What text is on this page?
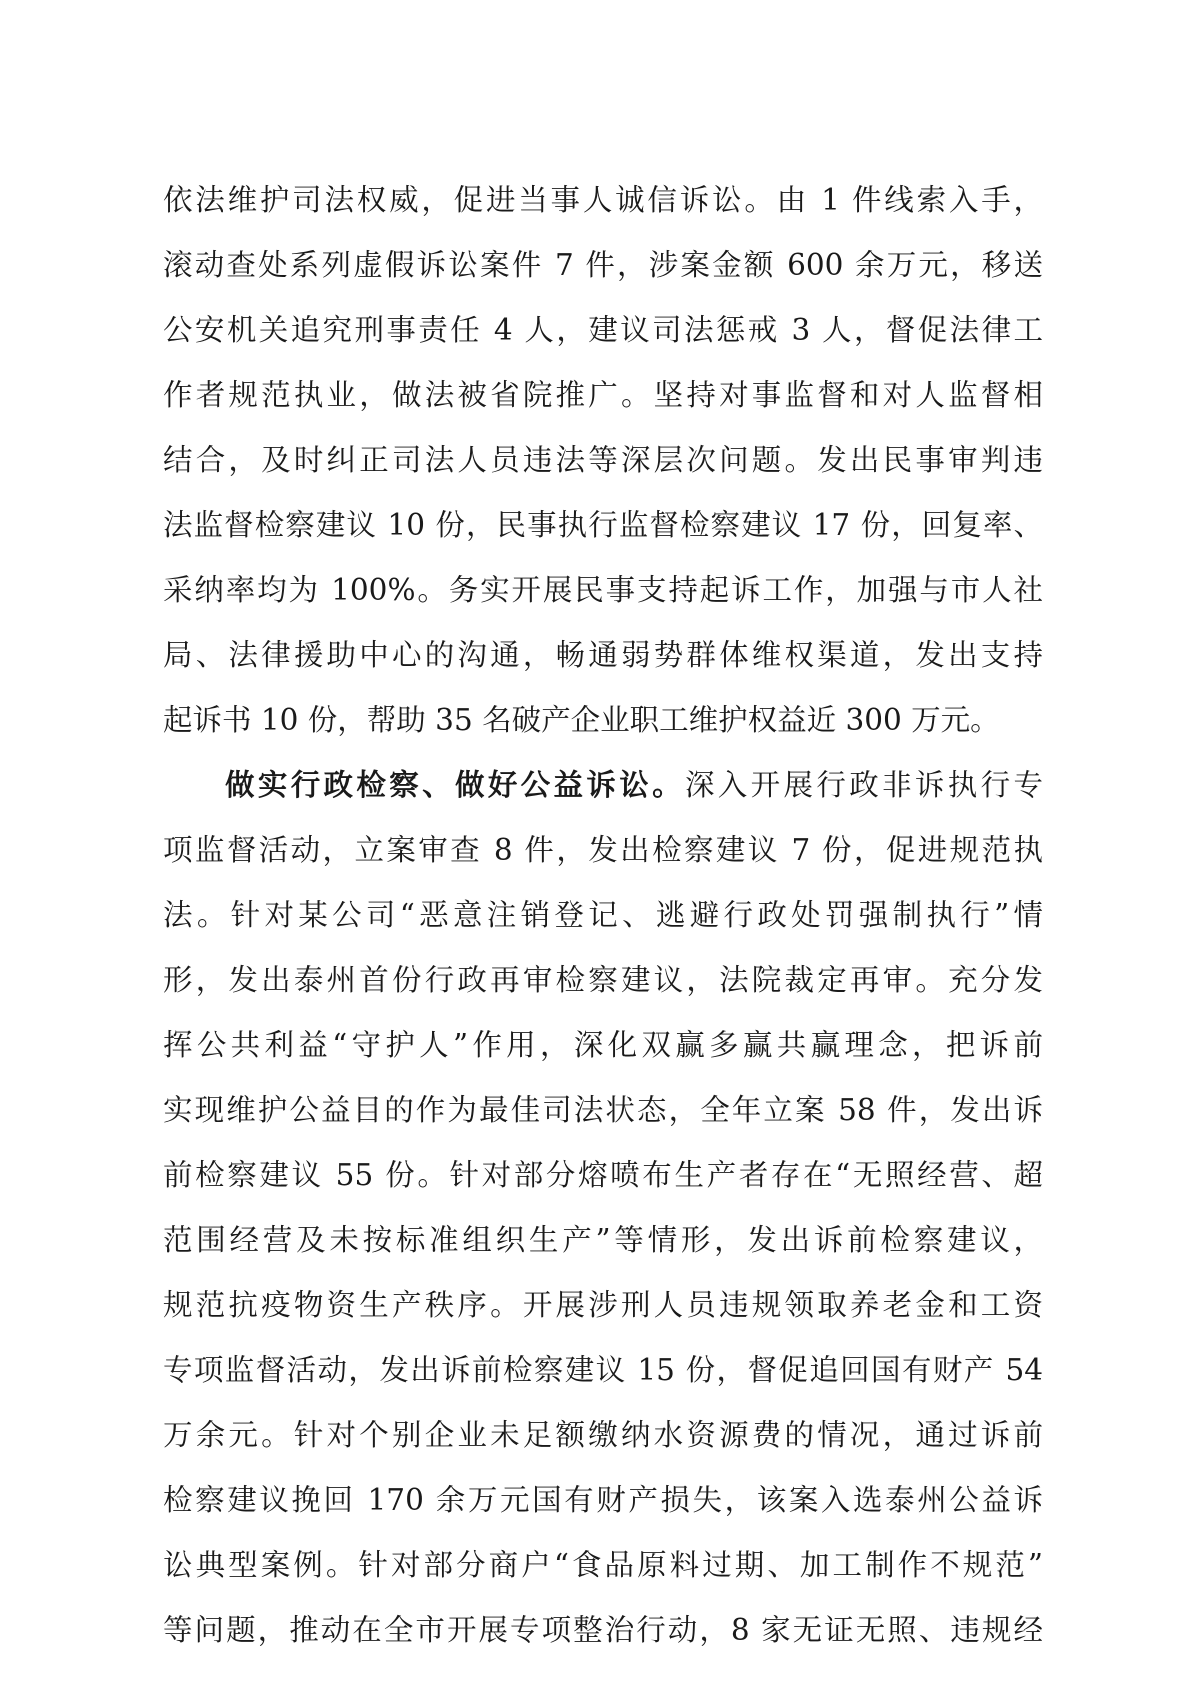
依法维护司法权威，促进当事人诚信诉讼。由 1 件线索入手，
滚动查处系列虚假诉讼案件 7 件，涉案金额 600 余万元，移送
公安机关追究刑事责任 4 人，建议司法惩戒 3 人，督促法律工
作者规范执业，做法被省院推广。坚持对事监督和对人监督相
结合，及时纠正司法人员违法等深层次问题。发出民事审判违
法监督检察建议 10 份，民事执行监督检察建议 17 份，回复率、
采纳率均为 100%。务实开展民事支持起诉工作，加强与市人社
局、法律援助中心的沟通，畅通弱势群体维权渠道，发出支持
起诉书 10 份，帮助 35 名破产企业职工维护权益近 300 万元。
做实行政检察、做好公益诉讼。深入开展行政非诉执行专
项监督活动，立案审查 8 件，发出检察建议 7 份，促进规范执
法。针对某公司“恶意注销登记、逃避行政处罚强制执行”情
形，发出泰州首份行政再审检察建议，法院裁定再审。充分发
挥公共利益“守护人”作用，深化双赢多赢共赢理念，把诉前
实现维护公益目的作为最佳司法状态，全年立案 58 件，发出诉
前检察建议 55 份。针对部分熔喷布生产者存在“无照经营、超
范围经营及未按标准组织生产”等情形，发出诉前检察建议，
规范抗疫物资生产秩序。开展涉刑人员违规领取养老金和工资
专项监督活动，发出诉前检察建议 15 份，督促追回国有财产 54
万余元。针对个别企业未足额缴纳水资源费的情况，通过诉前
检察建议挽回 170 余万元国有财产损失，该案入选泰州公益诉
讼典型案例。针对部分商户“食品原料过期、加工制作不规范”
等问题，推动在全市开展专项整治行动，8 家无证无照、违规经
